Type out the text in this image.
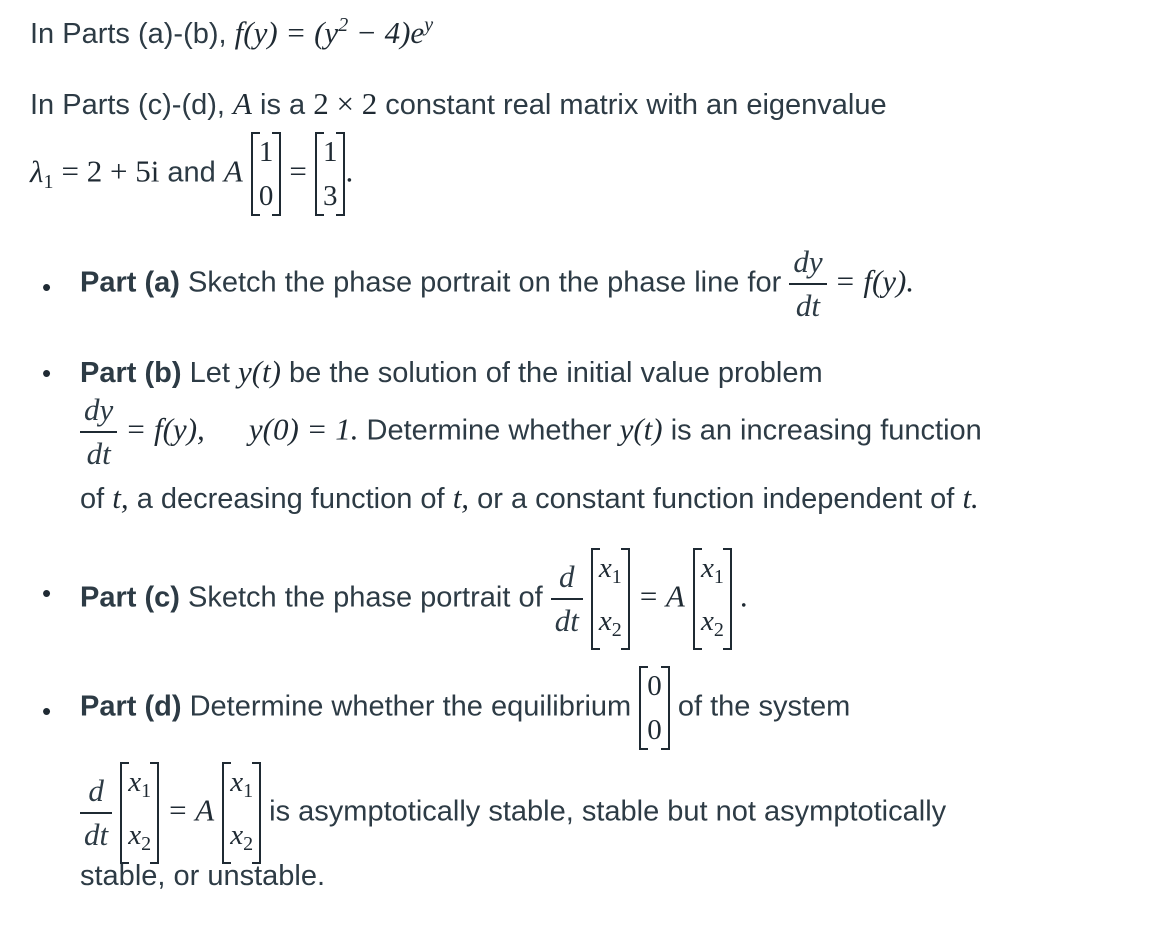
In Parts (a)-(b), $f(y) = (y^2 - 4)e^y$
In Parts (c)-(d), A is a 2 × 2 constant real matrix with an eigenvalue
$\lambda_1 = 2 + 5i$ and A
1
0
=
1
3
.
• Part (a) Sketch the phase portrait on the phase line for $\frac{dy}{dt} = f(y)$.
• Part (b) Let y(t) be the solution of the initial value problem
$\frac{dy}{dt} = f(y)$, y(0) = 1. Determine whether y(t) is an increasing function
of t, a decreasing function of t, or a constant function independent of t.
• Part (c) Sketch the phase portrait of $\frac{d}{dt}$
$x_1$
$x_2$
= A
$x_1$
$x_2$
.
• Part (d) Determine whether the equilibrium
0
0
of the system
$\frac{d}{dt}$
$x_1$
$x_2$
= A
$x_1$
$x_2$
is asymptotically stable, stable but not asymptotically
stable, or unstable.
